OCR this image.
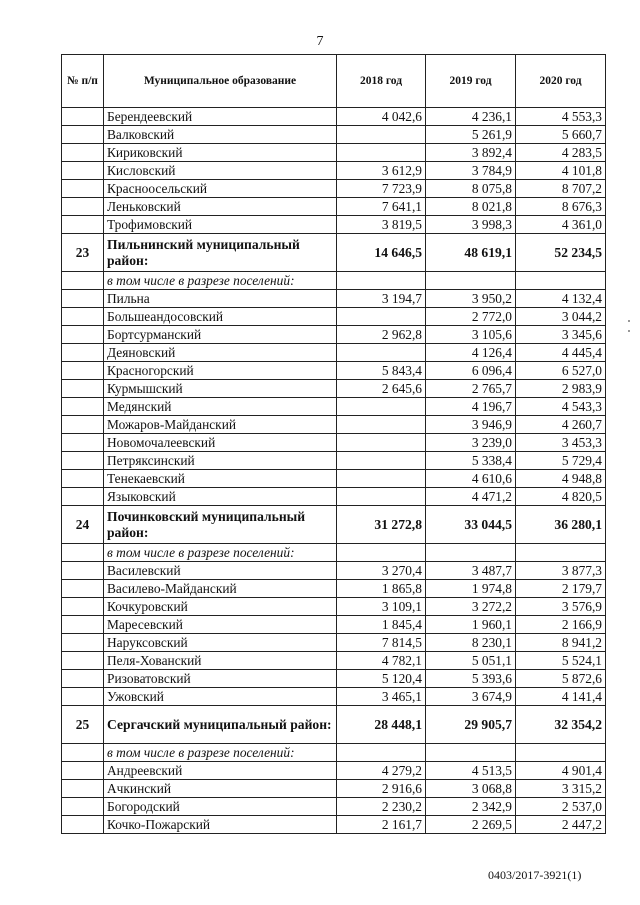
7
№ п/п	Муниципальное образование	2018 год	2019 год	2020 год
	Берендеевский	4 042,6	4 236,1	4 553,3
	Валковский		5 261,9	5 660,7
	Кириковский		3 892,4	4 283,5
	Кисловский	3 612,9	3 784,9	4 101,8
	Красноосельский	7 723,9	8 075,8	8 707,2
	Леньковский	7 641,1	8 021,8	8 676,3
	Трофимовский	3 819,5	3 998,3	4 361,0
23	Пильнинский муниципальный район:	14 646,5	48 619,1	52 234,5
	в том числе в разрезе поселений:			
	Пильна	3 194,7	3 950,2	4 132,4
	Большеандосовский		2 772,0	3 044,2
	Бортсурманский	2 962,8	3 105,6	3 345,6
	Деяновский		4 126,4	4 445,4
	Красногорский	5 843,4	6 096,4	6 527,0
	Курмышский	2 645,6	2 765,7	2 983,9
	Медянский		4 196,7	4 543,3
	Можаров-Майданский		3 946,9	4 260,7
	Новомочалеевский		3 239,0	3 453,3
	Петряксинский		5 338,4	5 729,4
	Тенекаевский		4 610,6	4 948,8
	Языковский		4 471,2	4 820,5
24	Починковский муниципальный район:	31 272,8	33 044,5	36 280,1
	в том числе в разрезе поселений:			
	Василевский	3 270,4	3 487,7	3 877,3
	Василево-Майданский	1 865,8	1 974,8	2 179,7
	Кочкуровский	3 109,1	3 272,2	3 576,9
	Маресевский	1 845,4	1 960,1	2 166,9
	Наруксовский	7 814,5	8 230,1	8 941,2
	Пеля-Хованский	4 782,1	5 051,1	5 524,1
	Ризоватовский	5 120,4	5 393,6	5 872,6
	Ужовский	3 465,1	3 674,9	4 141,4
25	Сергачский муниципальный район:	28 448,1	29 905,7	32 354,2
	в том числе в разрезе поселений:			
	Андреевский	4 279,2	4 513,5	4 901,4
	Ачкинский	2 916,6	3 068,8	3 315,2
	Богородский	2 230,2	2 342,9	2 537,0
	Кочко-Пожарский	2 161,7	2 269,5	2 447,2
0403/2017-3921(1)
